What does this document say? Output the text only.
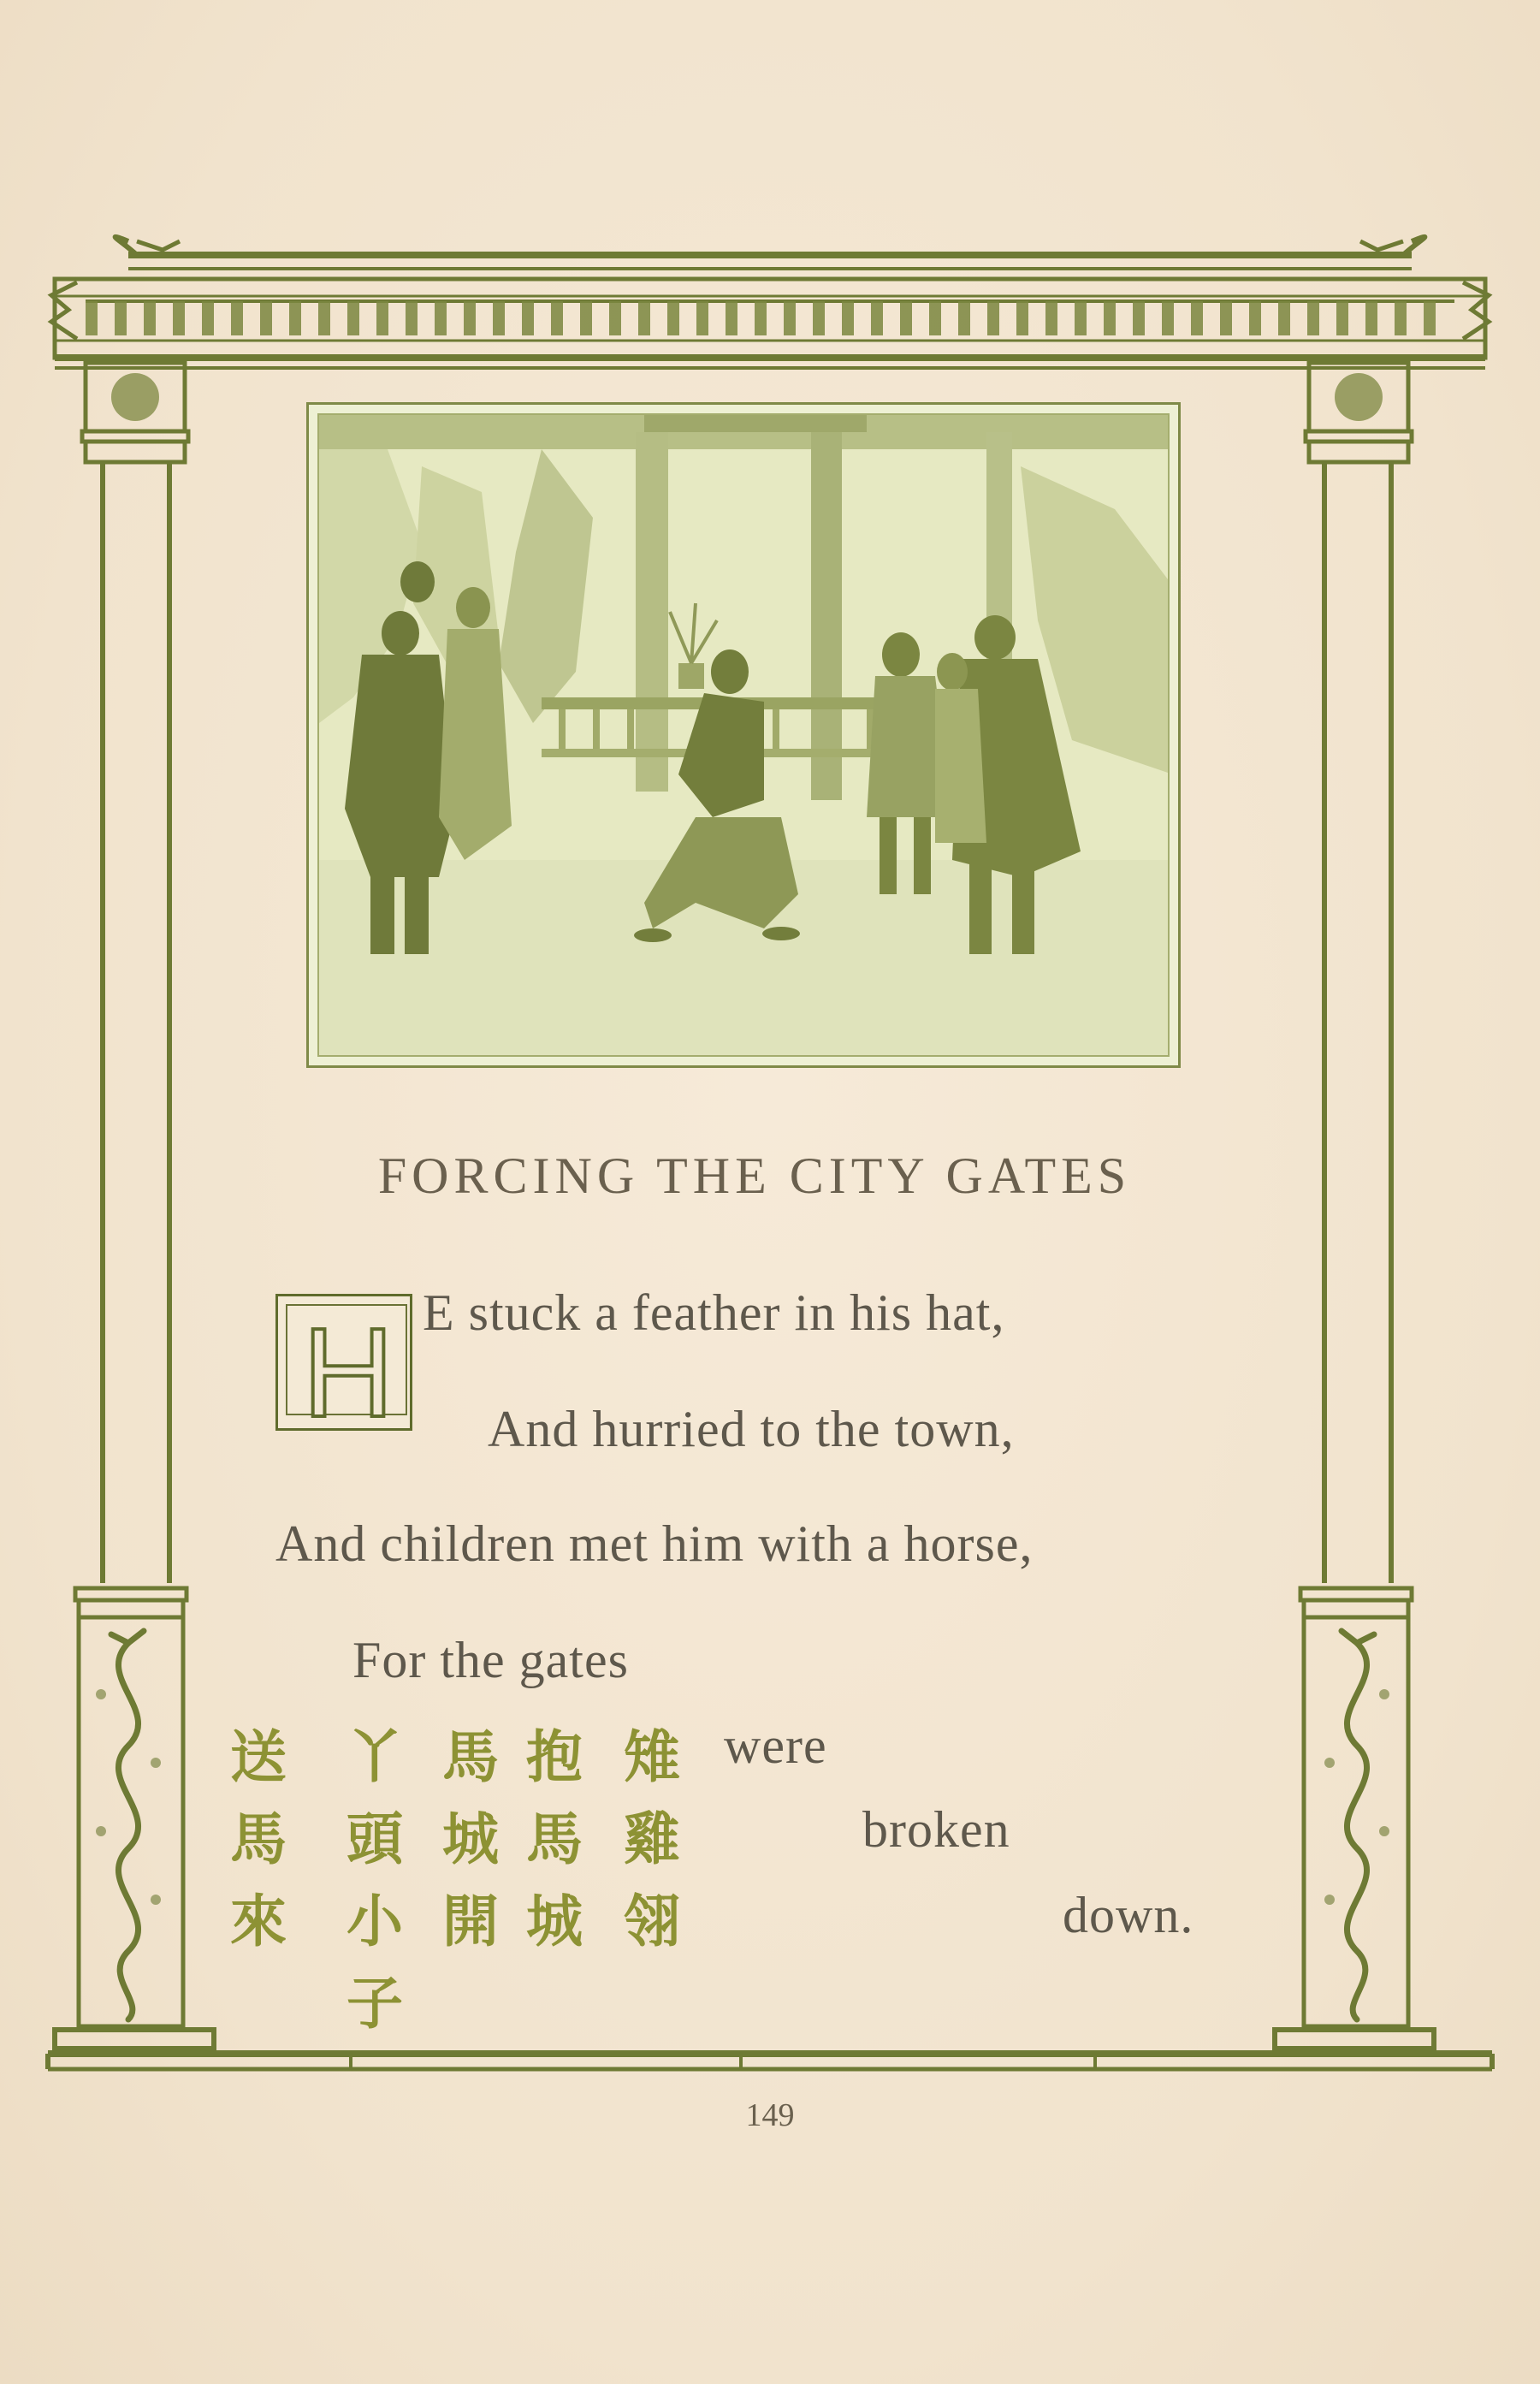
FORCING THE CITY GATES
H E stuck a feather in his hat,
And hurried to the town,
And children met him with a horse,
For the gates
were
broken
down.
雉雞翎
抱馬城
馬城開
丫頭小子
送馬來
149
